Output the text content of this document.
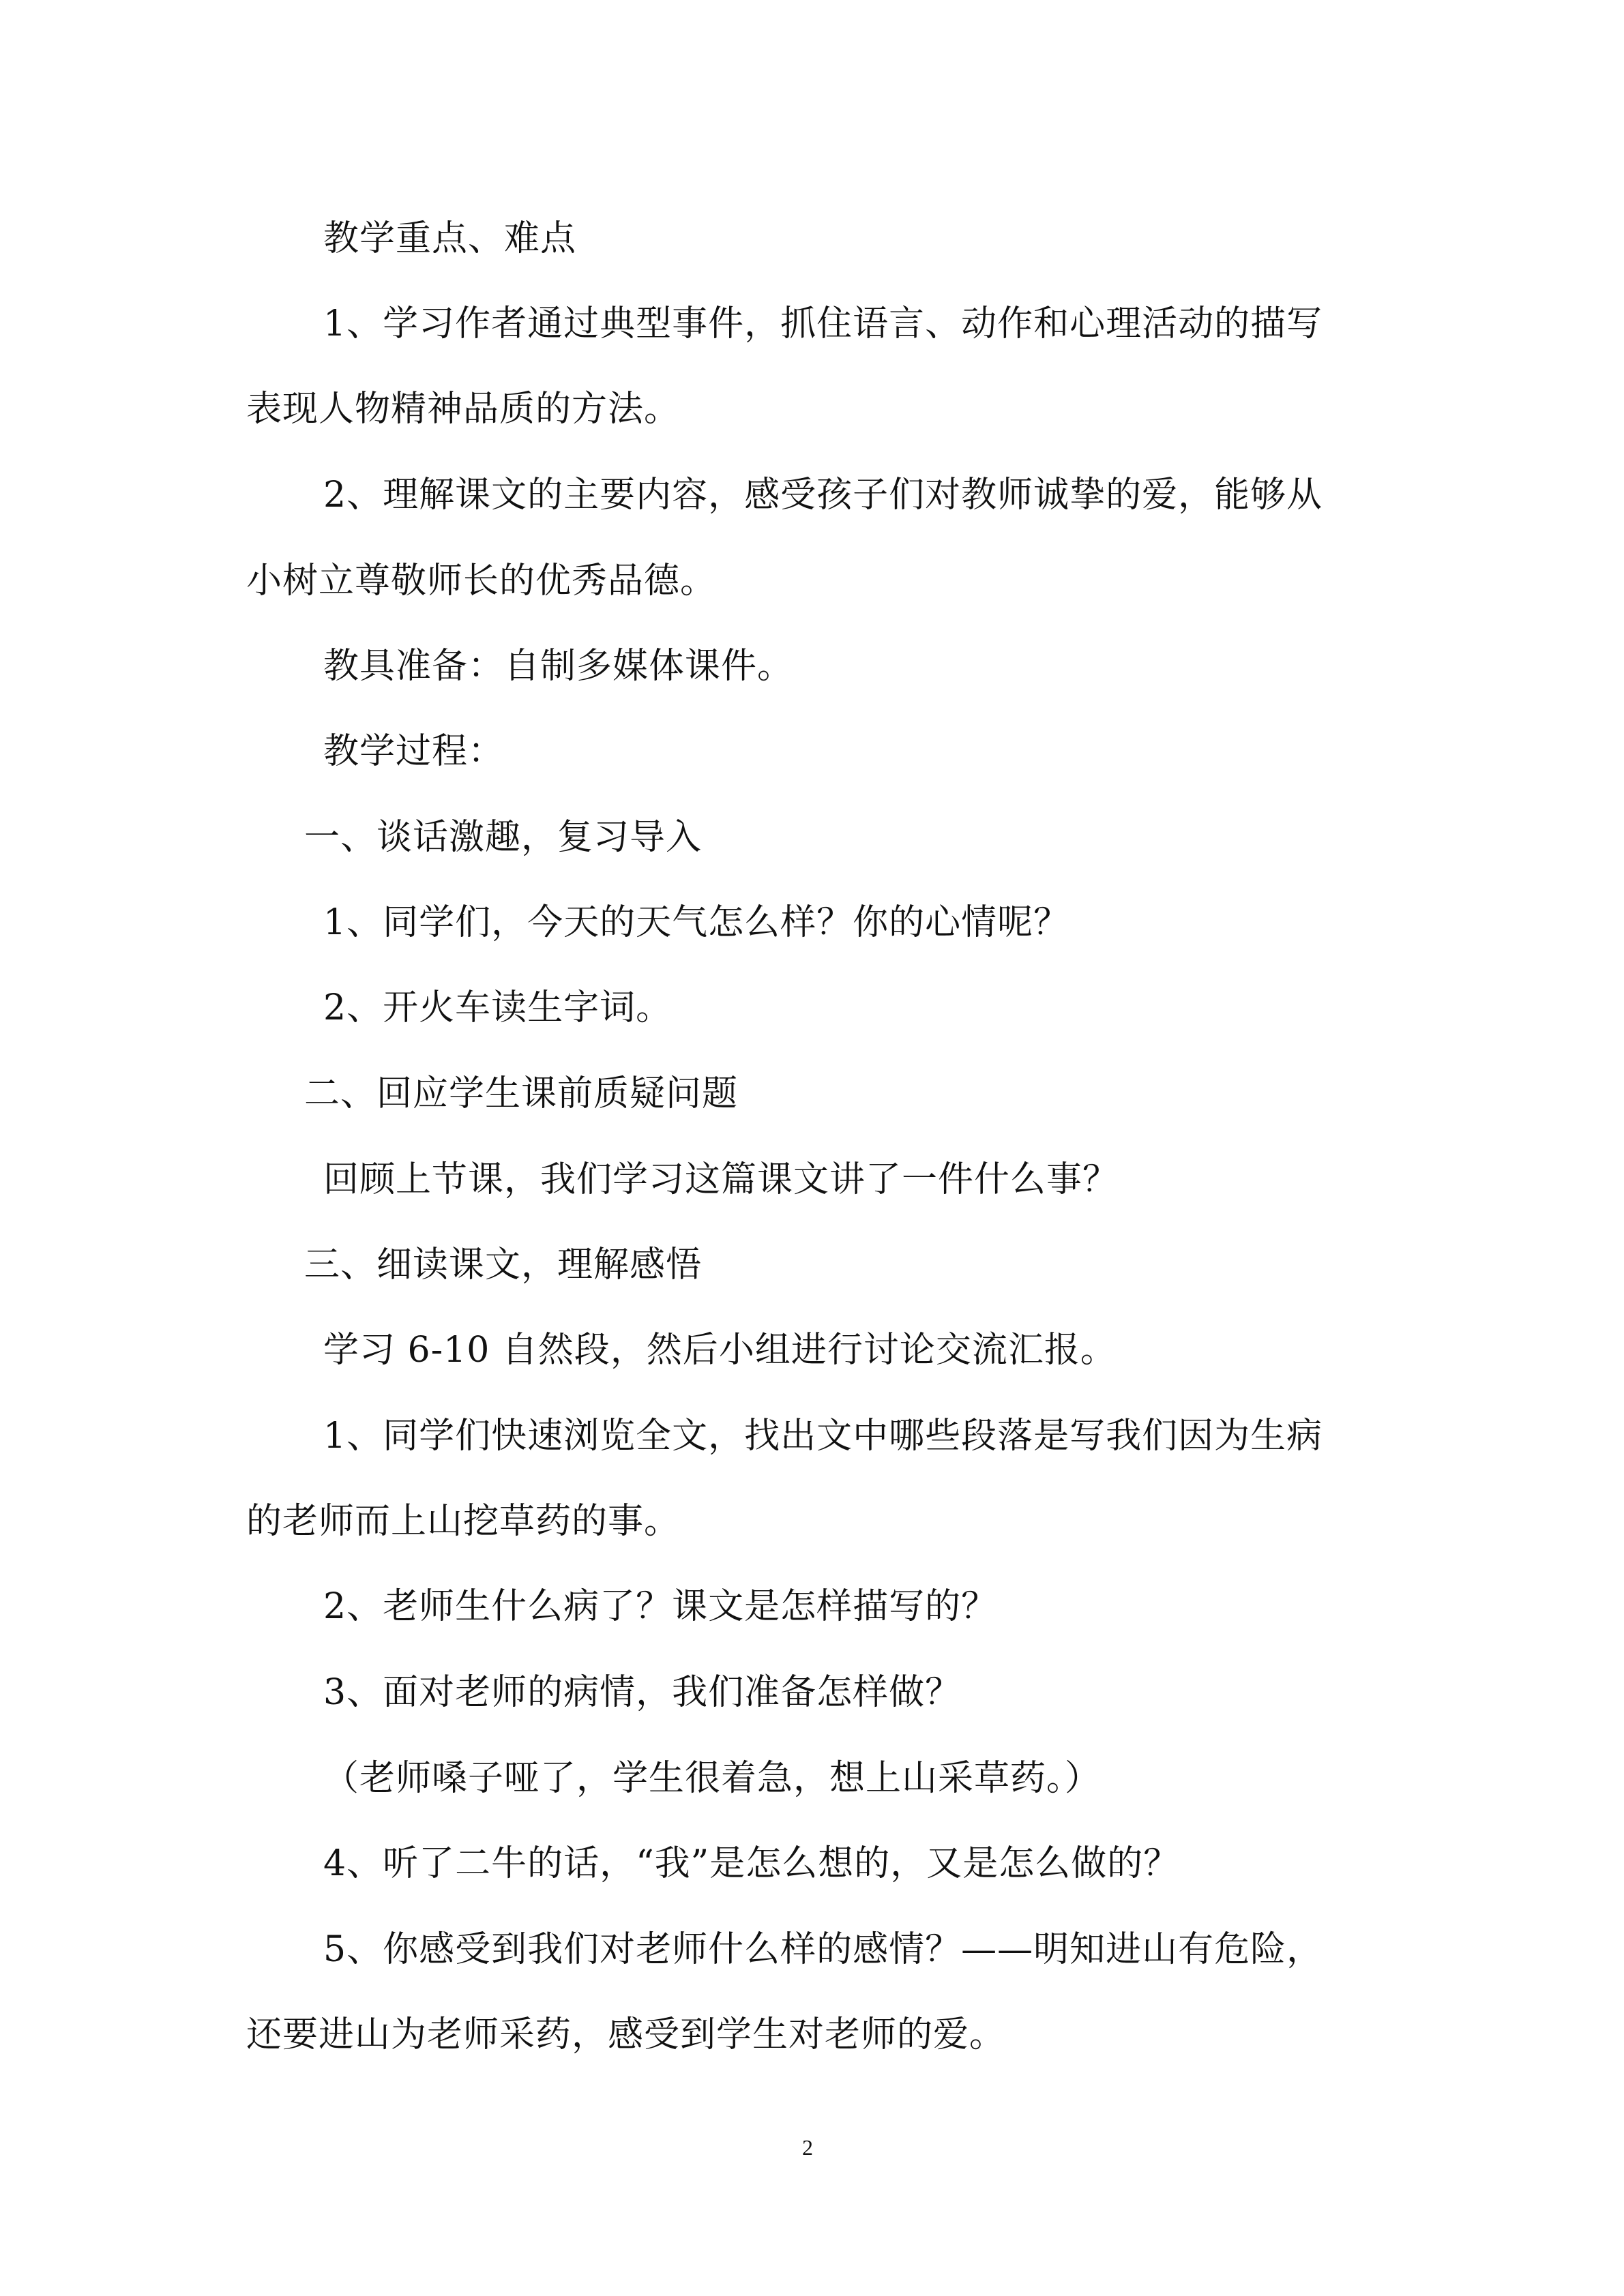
教学重点、难点
1、学习作者通过典型事件，抓住语言、动作和心理活动的描写
表现人物精神品质的方法。
2、理解课文的主要内容，感受孩子们对教师诚挚的爱，能够从
小树立尊敬师长的优秀品德。
教具准备：自制多媒体课件。
教学过程：
一、谈话激趣，复习导入
1、同学们，今天的天气怎么样？你的心情呢？
2、开火车读生字词。
二、回应学生课前质疑问题
回顾上节课，我们学习这篇课文讲了一件什么事？
三、细读课文，理解感悟
学习 6-10 自然段，然后小组进行讨论交流汇报。
1、同学们快速浏览全文，找出文中哪些段落是写我们因为生病
的老师而上山挖草药的事。
2、老师生什么病了？课文是怎样描写的？
3、面对老师的病情，我们准备怎样做？
（老师嗓子哑了，学生很着急，想上山采草药。）
4、听了二牛的话，“我”是怎么想的，又是怎么做的？
5、你感受到我们对老师什么样的感情？——明知进山有危险，
还要进山为老师采药，感受到学生对老师的爱。
2
